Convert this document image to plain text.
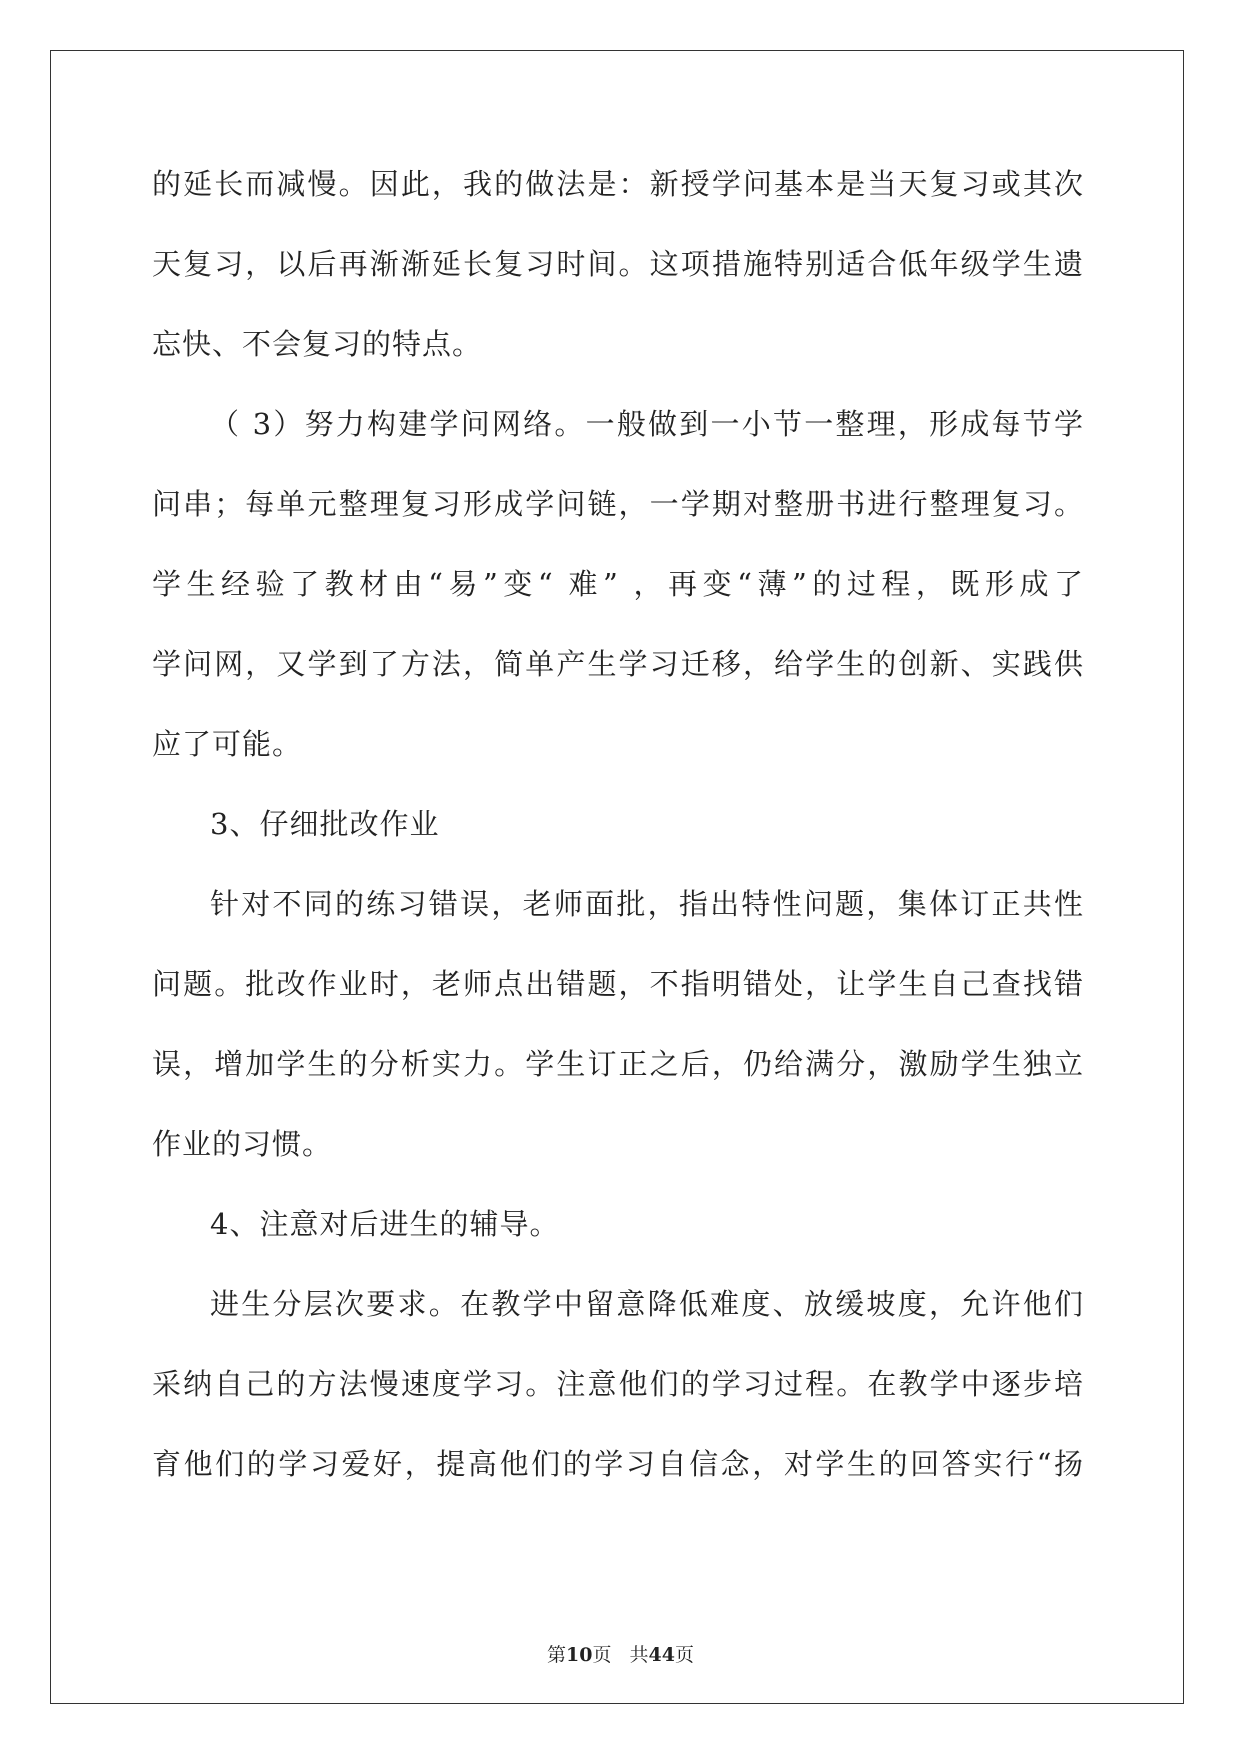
的延长而减慢。因此，我的做法是：新授学问基本是当天复习或其次
天复习，以后再渐渐延长复习时间。这项措施特别适合低年级学生遗
忘快、不会复习的特点。
（ 3）努力构建学问网络。一般做到一小节一整理，形成每节学
问串；每单元整理复习形成学问链，一学期对整册书进行整理复习。
学生经验了教材由“易”变“ 难” ，再变“薄”的过程，既形成了
学问网，又学到了方法，简单产生学习迁移，给学生的创新、实践供
应了可能。
3、仔细批改作业
针对不同的练习错误，老师面批，指出特性问题，集体订正共性
问题。批改作业时，老师点出错题，不指明错处，让学生自己查找错
误，增加学生的分析实力。学生订正之后，仍给满分，激励学生独立
作业的习惯。
4、注意对后进生的辅导。
进生分层次要求。在教学中留意降低难度、放缓坡度，允许他们
采纳自己的方法慢速度学习。注意他们的学习过程。在教学中逐步培
育他们的学习爱好，提高他们的学习自信念，对学生的回答实行“扬
第10页 共44页
